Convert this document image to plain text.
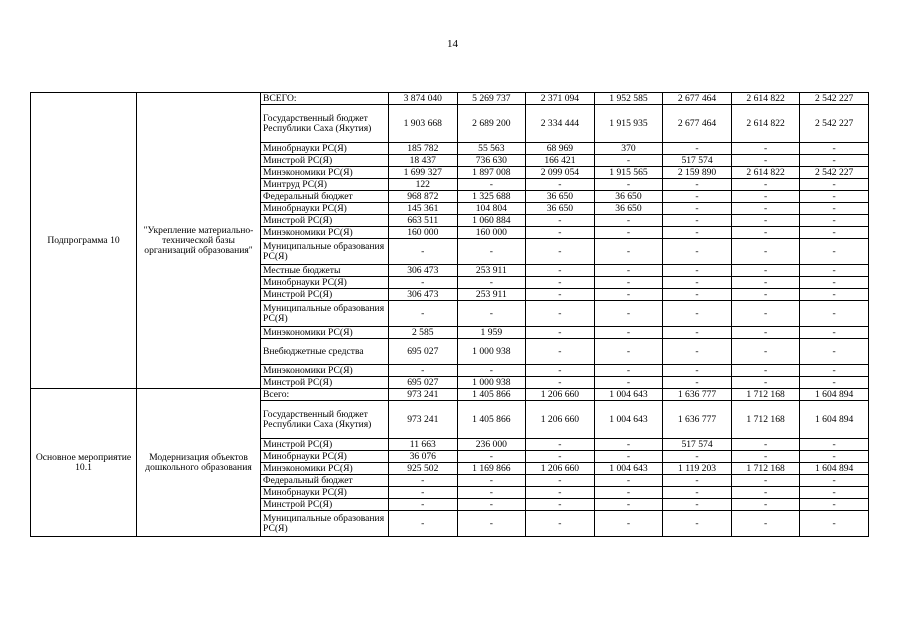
14
Подпрограмма 10	"Укрепление материально-технической базы организаций образования"	ВСЕГО:	3 874 040	5 269 737	2 371 094	1 952 585	2 677 464	2 614 822	2 542 227
		Государственный бюджет Республики Саха (Якутия)	1 903 668	2 689 200	2 334 444	1 915 935	2 677 464	2 614 822	2 542 227
		Минобрнауки РС(Я)	185 782	55 563	68 969	370	-	-	-
		Минстрой РС(Я)	18 437	736 630	166 421	-	517 574	-	-
		Минэкономики РС(Я)	1 699 327	1 897 008	2 099 054	1 915 565	2 159 890	2 614 822	2 542 227
		Минтруд РС(Я)	122	-	-	-	-	-	-
		Федеральный бюджет	968 872	1 325 688	36 650	36 650	-	-	-
		Минобрнауки РС(Я)	145 361	104 804	36 650	36 650	-	-	-
		Минстрой РС(Я)	663 511	1 060 884	-	-	-	-	-
		Минэкономики РС(Я)	160 000	160 000	-	-	-	-	-
		Муниципальные образования РС(Я)	-	-	-	-	-	-	-
		Местные бюджеты	306 473	253 911	-	-	-	-	-
		Минобрнауки РС(Я)	-	-	-	-	-	-	-
		Минстрой РС(Я)	306 473	253 911	-	-	-	-	-
		Муниципальные образования РС(Я)	-	-	-	-	-	-	-
		Минэкономики РС(Я)	2 585	1 959	-	-	-	-	-
		Внебюджетные средства	695 027	1 000 938	-	-	-	-	-
		Минэкономики РС(Я)	-	-	-	-	-	-	-
		Минстрой РС(Я)	695 027	1 000 938	-	-	-	-	-
Основное мероприятие 10.1	Модернизация объектов дошкольного образования	Всего:	973 241	1 405 866	1 206 660	1 004 643	1 636 777	1 712 168	1 604 894
		Государственный бюджет Республики Саха (Якутия)	973 241	1 405 866	1 206 660	1 004 643	1 636 777	1 712 168	1 604 894
		Минстрой РС(Я)	11 663	236 000	-	-	517 574	-	-
		Минобрнауки РС(Я)	36 076	-	-	-	-	-	-
		Минэкономики РС(Я)	925 502	1 169 866	1 206 660	1 004 643	1 119 203	1 712 168	1 604 894
		Федеральный бюджет	-	-	-	-	-	-	-
		Минобрнауки РС(Я)	-	-	-	-	-	-	-
		Минстрой РС(Я)	-	-	-	-	-	-	-
		Муниципальные образования РС(Я)	-	-	-	-	-	-	-
